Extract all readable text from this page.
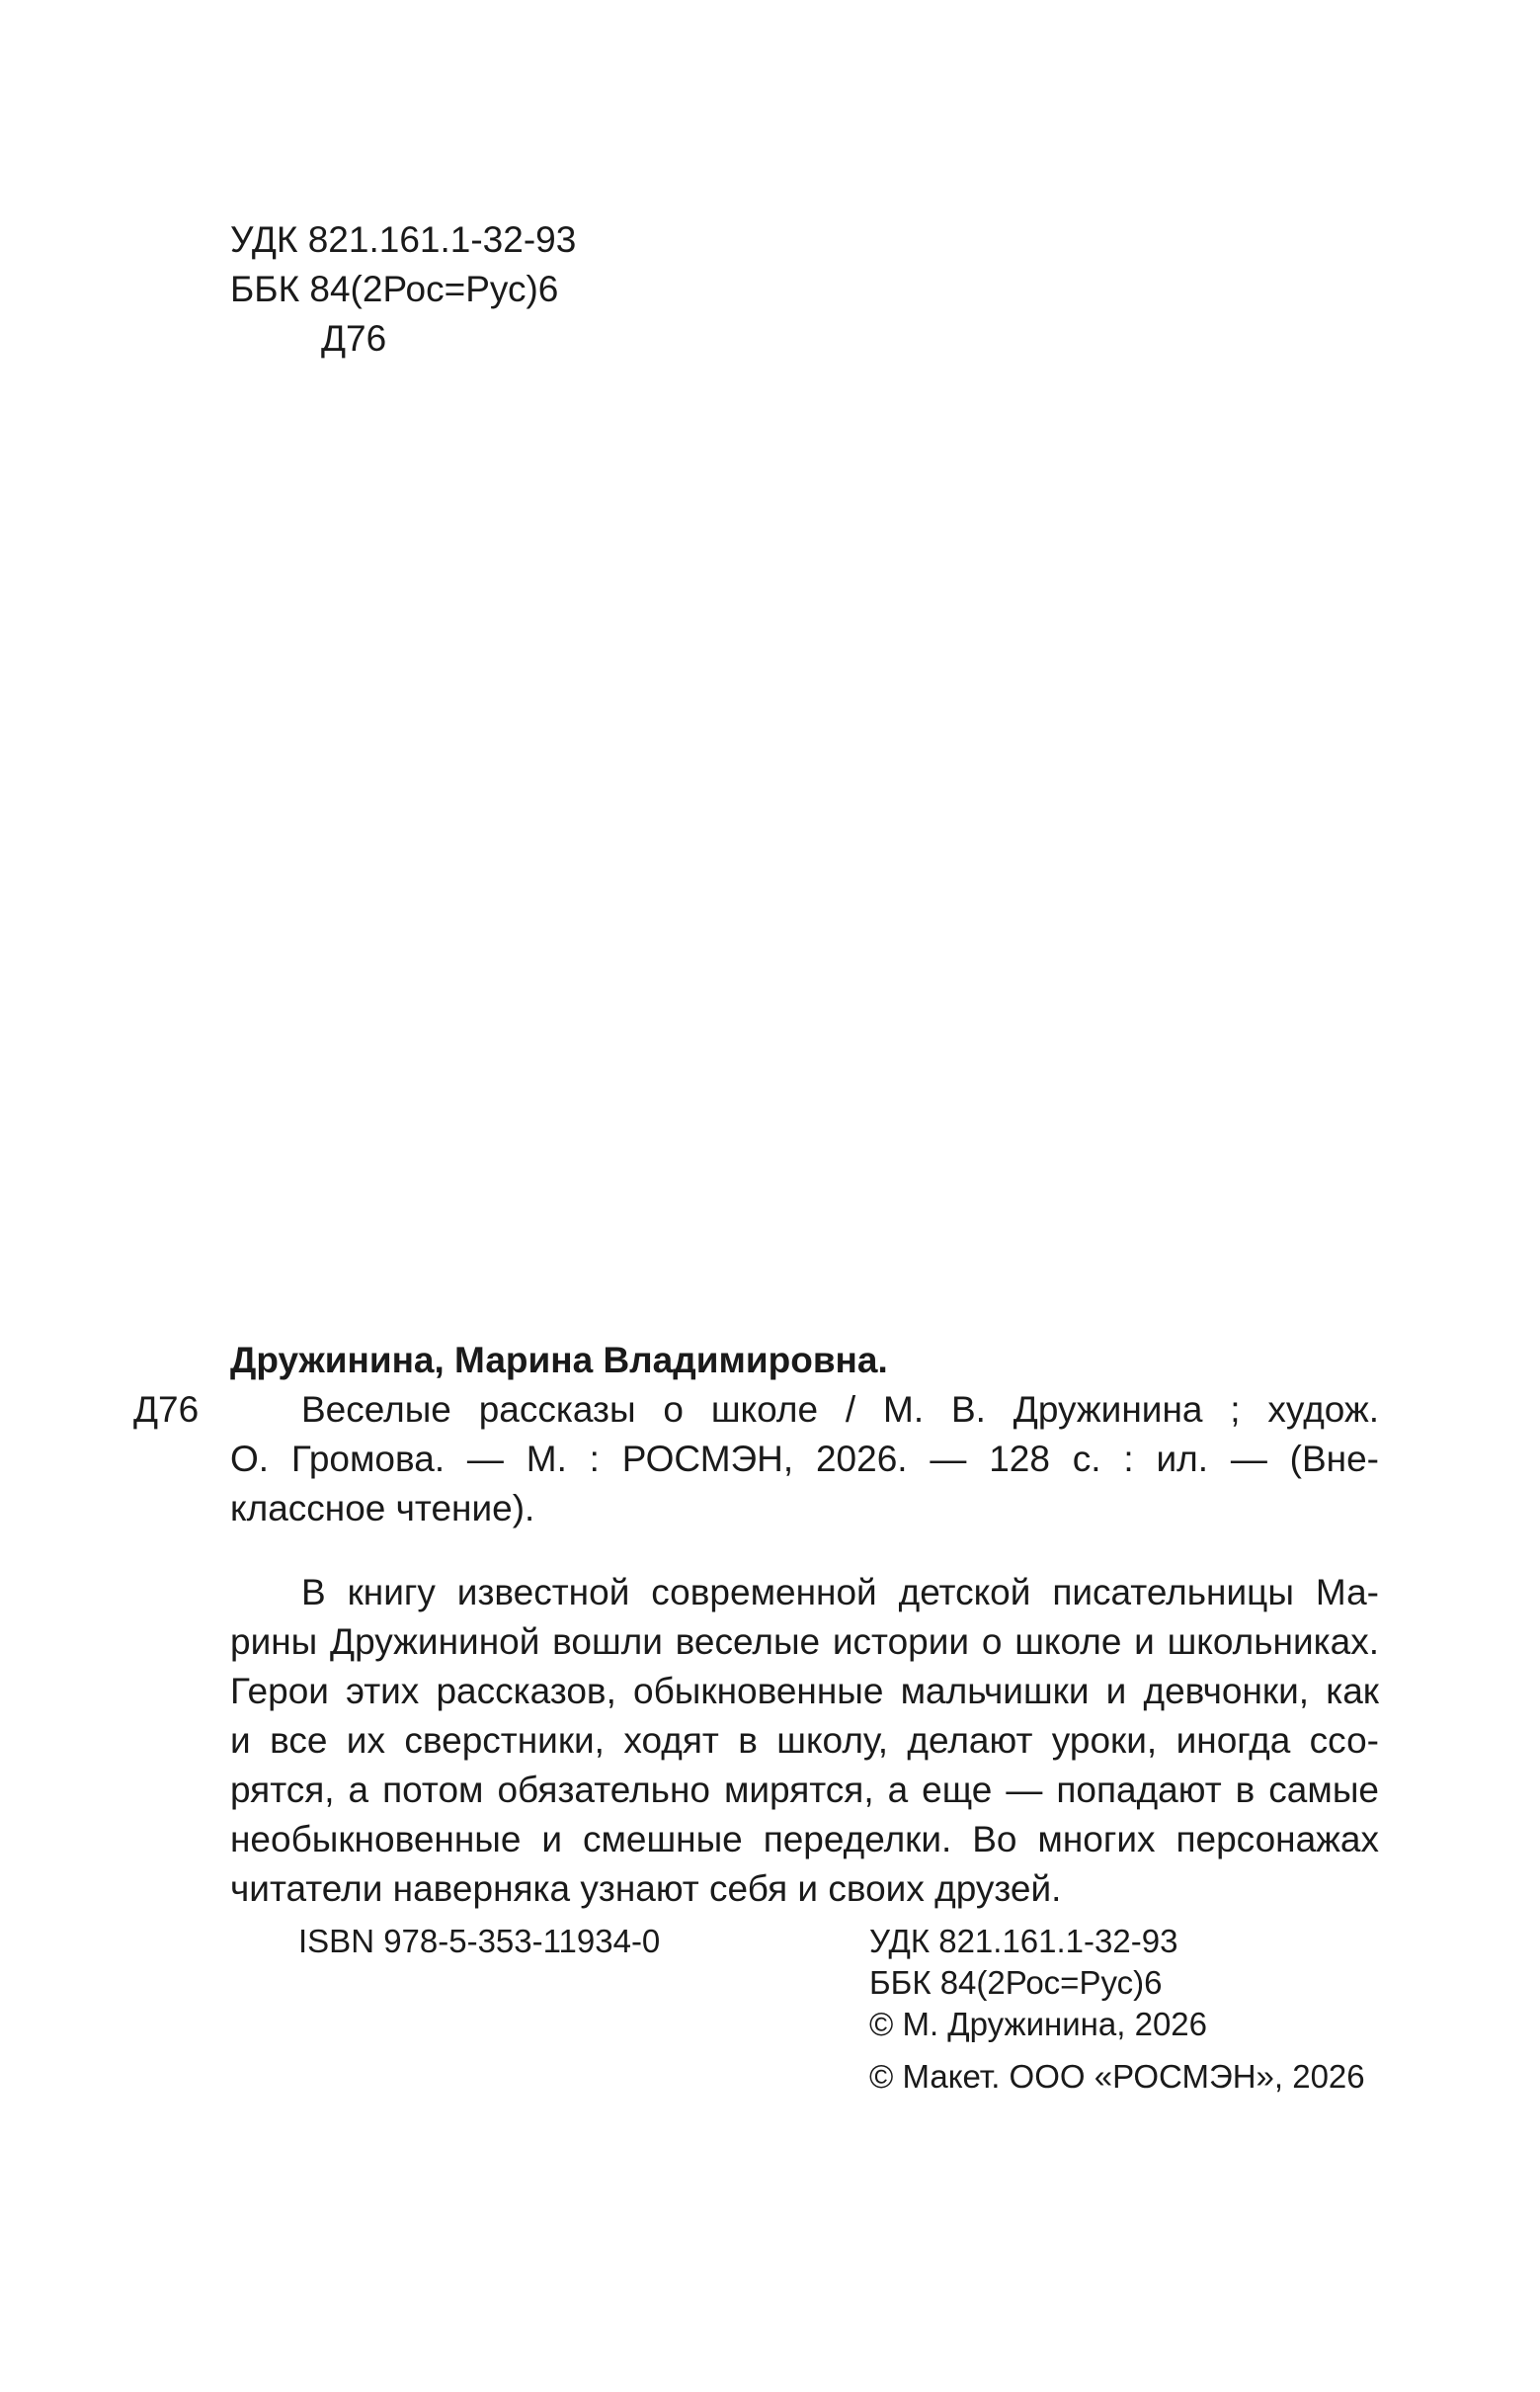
УДК 821.161.1-32-93
ББК 84(2Рос=Рус)6
Д76
Дружинина, Марина Владимировна.
Д76	Веселые рассказы о школе / М. В. Дружинина ; худож.
О. Громова. — М. : РОСМЭН, 2026. — 128 с. : ил. — (Вне-
классное чтение).
В книгу известной современной детской писательницы Ма-
рины Дружининой вошли веселые истории о школе и школьниках.
Герои этих рассказов, обыкновенные мальчишки и девчонки, как
и все их сверстники, ходят в школу, делают уроки, иногда ссо-
рятся, а потом обязательно мирятся, а еще — попадают в самые
необыкновенные и смешные переделки. Во многих персонажах
читатели наверняка узнают себя и своих друзей.
ISBN 978-5-353-11934-0	УДК 821.161.1-32-93
ББК 84(2Рос=Рус)6
© М. Дружинина, 2026
© Макет. ООО «РОСМЭН», 2026
